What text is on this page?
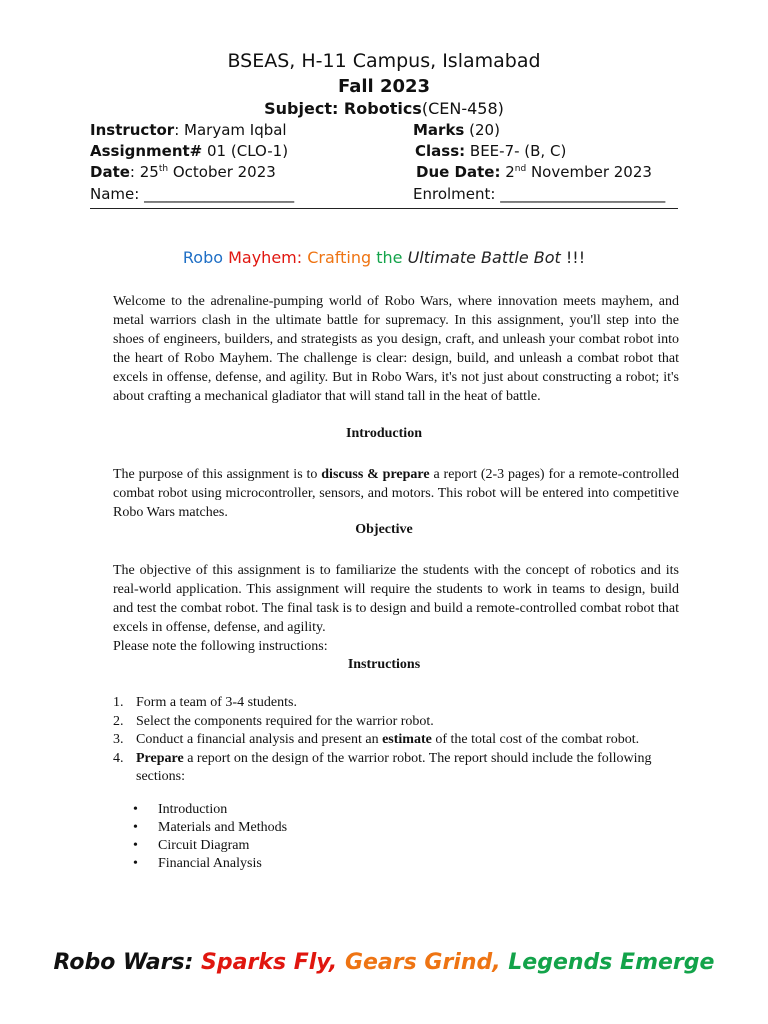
BSEAS, H-11 Campus, Islamabad
Fall 2023
Subject: Robotics(CEN-458)
Instructor: Maryam Iqbal	Marks (20)
Assignment# 01 (CLO-1)	Class: BEE-7- (B, C)
Date: 25th October 2023	Due Date: 2nd November 2023
Name: ____________________	Enrolment: ______________________
Robo Mayhem: Crafting the Ultimate Battle Bot !!!

Welcome to the adrenaline-pumping world of Robo Wars, where innovation meets mayhem, and metal warriors clash in the ultimate battle for supremacy. In this assignment, you'll step into the shoes of engineers, builders, and strategists as you design, craft, and unleash your combat robot into the heart of Robo Mayhem. The challenge is clear: design, build, and unleash a combat robot that excels in offense, defense, and agility. But in Robo Wars, it's not just about constructing a robot; it's about crafting a mechanical gladiator that will stand tall in the heat of battle.

Introduction

The purpose of this assignment is to discuss & prepare a report (2-3 pages) for a remote-controlled combat robot using microcontroller, sensors, and motors. This robot will be entered into competitive Robo Wars matches.

Objective

The objective of this assignment is to familiarize the students with the concept of robotics and its real-world application. This assignment will require the students to work in teams to design, build and test the combat robot. The final task is to design and build a remote-controlled combat robot that excels in offense, defense, and agility.

Please note the following instructions:
Instructions
1. Form a team of 3-4 students.
2. Select the components required for the warrior robot.
3. Conduct a financial analysis and present an estimate of the total cost of the combat robot.
4. Prepare a report on the design of the warrior robot. The report should include the following sections:
• Introduction
• Materials and Methods
• Circuit Diagram
• Financial Analysis
Robo Wars: Sparks Fly, Gears Grind, Legends Emerge
